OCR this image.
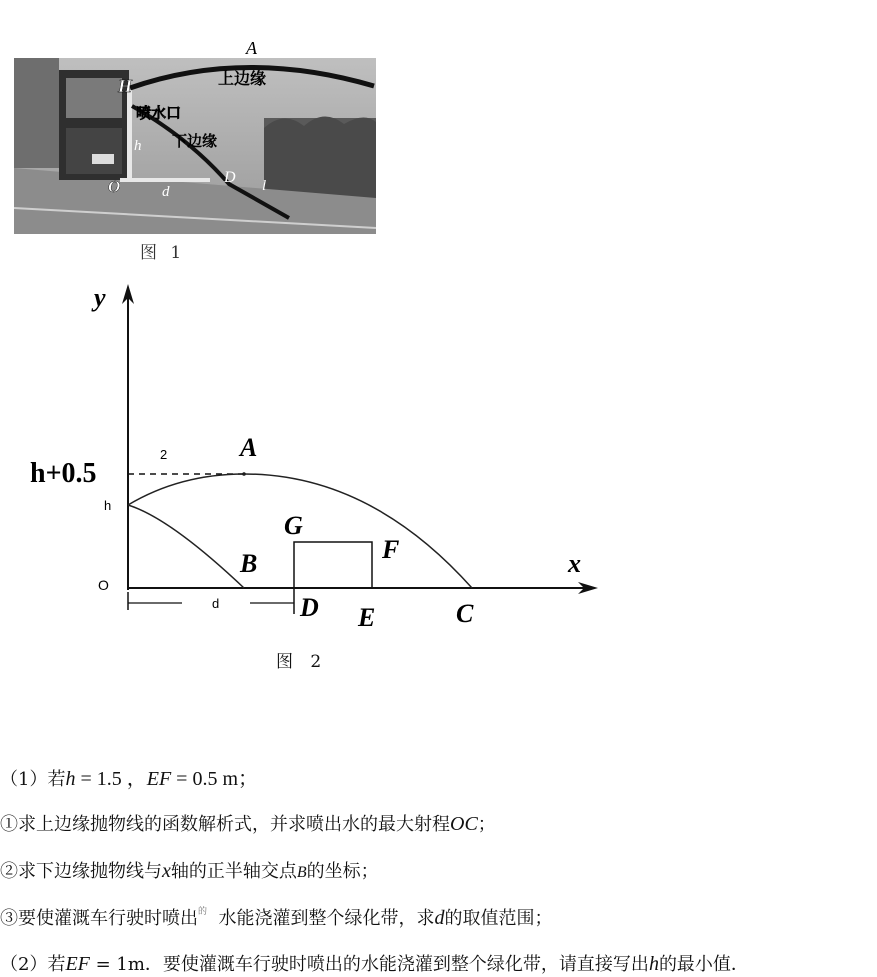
A
上边缘
H
喷水口
h 下边缘
D
O	d	l
图 1
y
x
h+0.5
h
O
2
d
A
B
C
D E
F
G
图 2
（1）若h = 1.5 ，EF = 0.5 m；
①求上边缘抛物线的函数解析式，并求喷出水的最大射程OC；
②求下边缘抛物线与x轴的正半轴交点B的坐标；
③要使灌溉车行驶时喷出$^的$ 水能浇灌到整个绿化带，求d的取值范围；
（2）若EF = 1m．要使灌溉车行驶时喷出的水能浇灌到整个绿化带，请直接写出h的最小值．
